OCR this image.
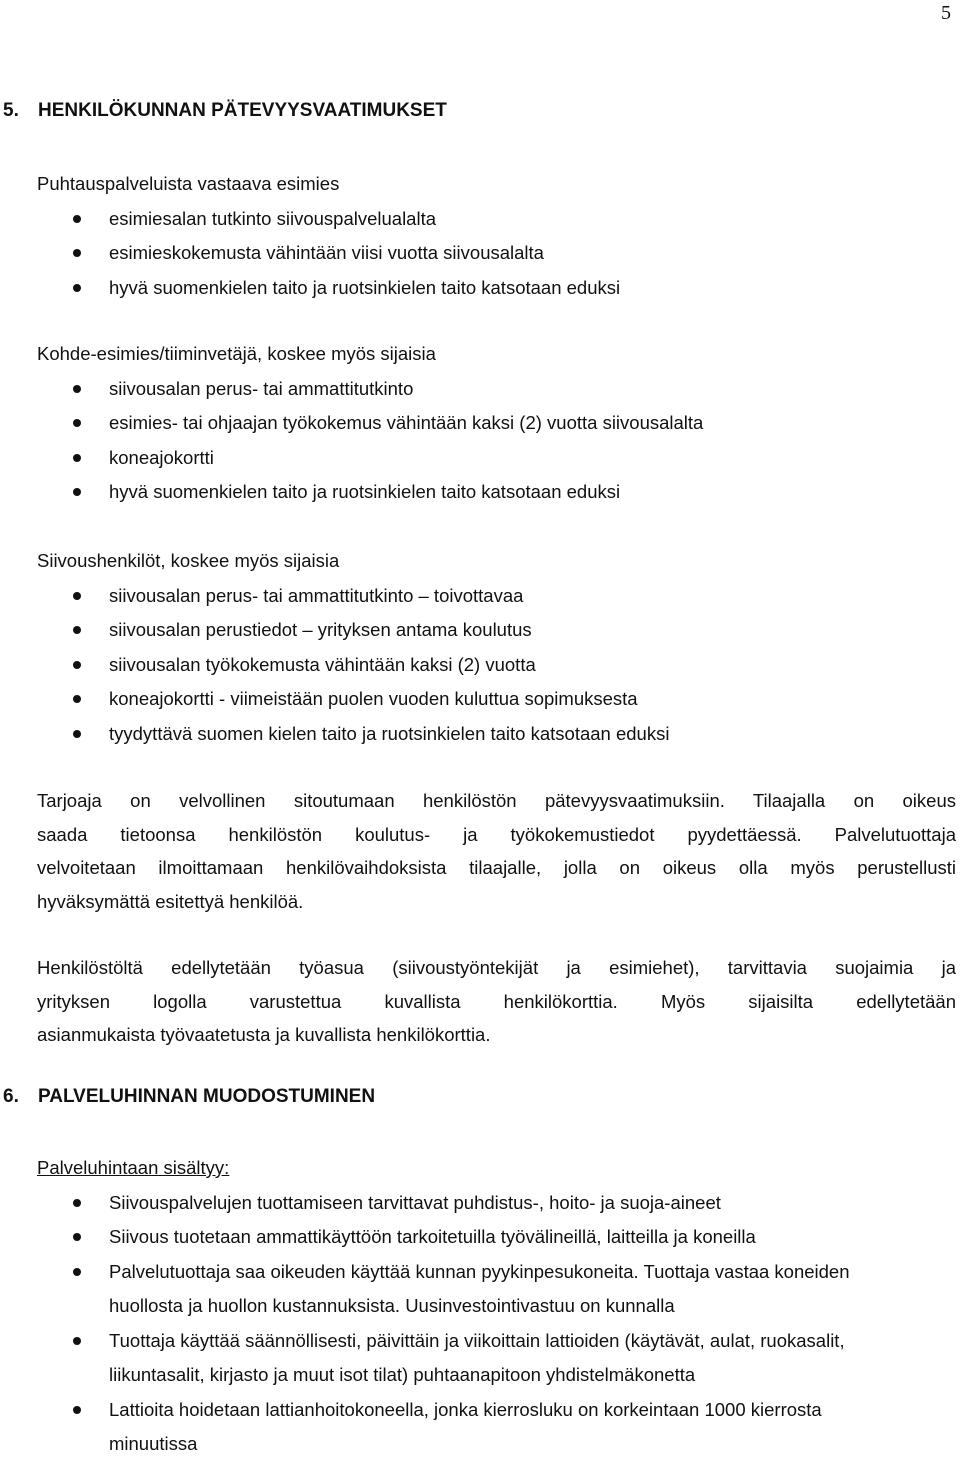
5
5.	HENKILÖKUNNAN PÄTEVYYSVAATIMUKSET
Puhtauspalveluista vastaava esimies
esimiesalan tutkinto siivouspalvelualalta
esimieskokemusta vähintään viisi vuotta siivousalalta
hyvä suomenkielen taito ja ruotsinkielen taito katsotaan eduksi
Kohde-esimies/tiiminvetäjä, koskee myös sijaisia
siivousalan perus- tai ammattitutkinto
esimies- tai ohjaajan työkokemus vähintään kaksi (2) vuotta siivousalalta
koneajokortti
hyvä suomenkielen taito ja ruotsinkielen taito katsotaan eduksi
Siivoushenkilöt, koskee myös sijaisia
siivousalan perus- tai ammattitutkinto – toivottavaa
siivousalan perustiedot – yrityksen antama koulutus
siivousalan työkokemusta vähintään kaksi (2) vuotta
koneajokortti - viimeistään puolen vuoden kuluttua sopimuksesta
tyydyttävä suomen kielen taito ja ruotsinkielen taito katsotaan eduksi
Tarjoaja on velvollinen sitoutumaan henkilöstön pätevyysvaatimuksiin. Tilaajalla on oikeus
saada tietoonsa henkilöstön koulutus- ja työkokemustiedot pyydettäessä. Palvelutuottaja
velvoitetaan ilmoittamaan henkilövaihdoksista tilaajalle, jolla on oikeus olla myös perustellusti
hyväksymättä esitettyä henkilöä.
Henkilöstöltä edellytetään työasua (siivoustyöntekijät ja esimiehet), tarvittavia suojaimia ja
yrityksen logolla varustettua kuvallista henkilökorttia. Myös sijaisilta edellytetään
asianmukaista työvaatetusta ja kuvallista henkilökorttia.
6.	PALVELUHINNAN MUODOSTUMINEN
Palveluhintaan sisältyy:
Siivouspalvelujen tuottamiseen tarvittavat puhdistus-, hoito- ja suoja-aineet
Siivous tuotetaan ammattikäyttöön tarkoitetuilla työvälineillä, laitteilla ja koneilla
Palvelutuottaja saa oikeuden käyttää kunnan pyykinpesukoneita. Tuottaja vastaa koneiden huollosta ja huollon kustannuksista. Uusinvestointivastuu on kunnalla
Tuottaja käyttää säännöllisesti, päivittäin ja viikoittain lattioiden (käytävät, aulat, ruokasalit, liikuntasalit, kirjasto ja muut isot tilat) puhtaanapitoon yhdistelmäkonetta
Lattioita hoidetaan lattianhoitokoneella, jonka kierrosluku on korkeintaan 1000 kierrosta minuutissa
